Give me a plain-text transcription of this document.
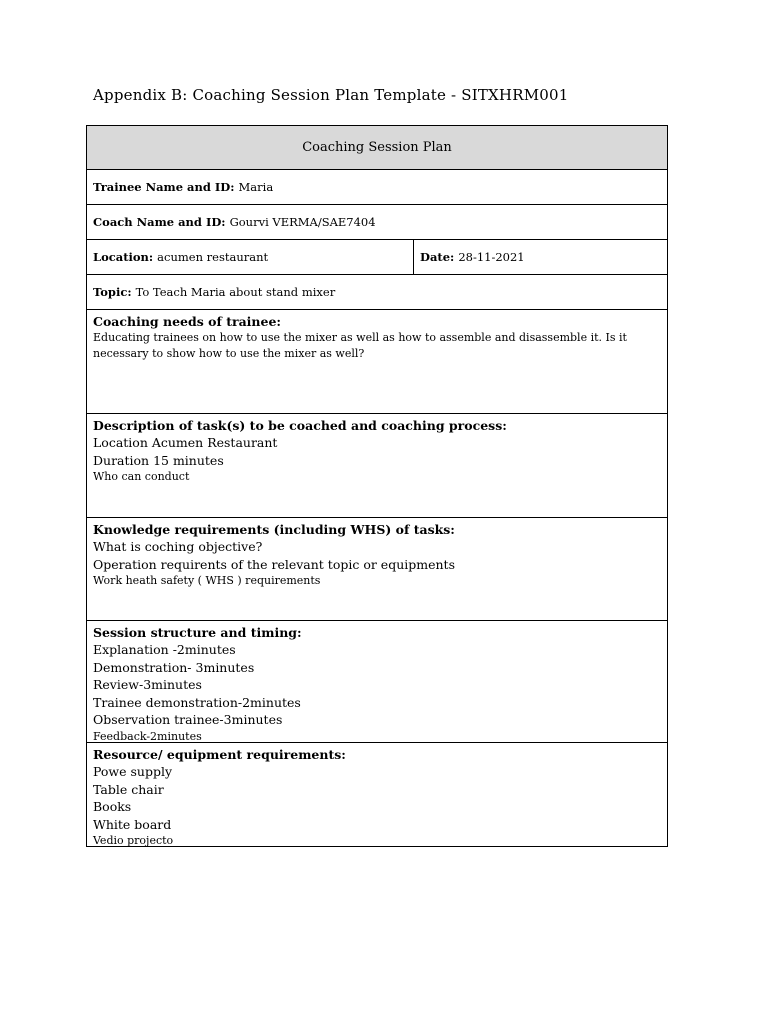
Appendix B: Coaching Session Plan Template - SITXHRM001
Coaching Session Plan
Trainee Name and ID: Maria
Coach Name and ID: Gourvi VERMA/SAE7404
Location: acumen restaurant	Date: 28-11-2021
Topic: To Teach Maria about stand mixer
Coaching needs of trainee:
Educating trainees on how to use the mixer as well as how to assemble and disassemble it. Is it necessary to show how to use the mixer as well?
Description of task(s) to be coached and coaching process:
Location Acumen Restaurant
Duration 15 minutes
Who can conduct
Knowledge requirements (including WHS) of tasks:
What is coching objective?
Operation requirents of the relevant topic or equipments
Work heath safety ( WHS ) requirements
Session structure and timing:
Explanation -2minutes
Demonstration- 3minutes
Review-3minutes
Trainee demonstration-2minutes
Observation trainee-3minutes
Feedback-2minutes
Resource/ equipment requirements:
Powe supply
Table chair
Books
White board
Vedio projecto
